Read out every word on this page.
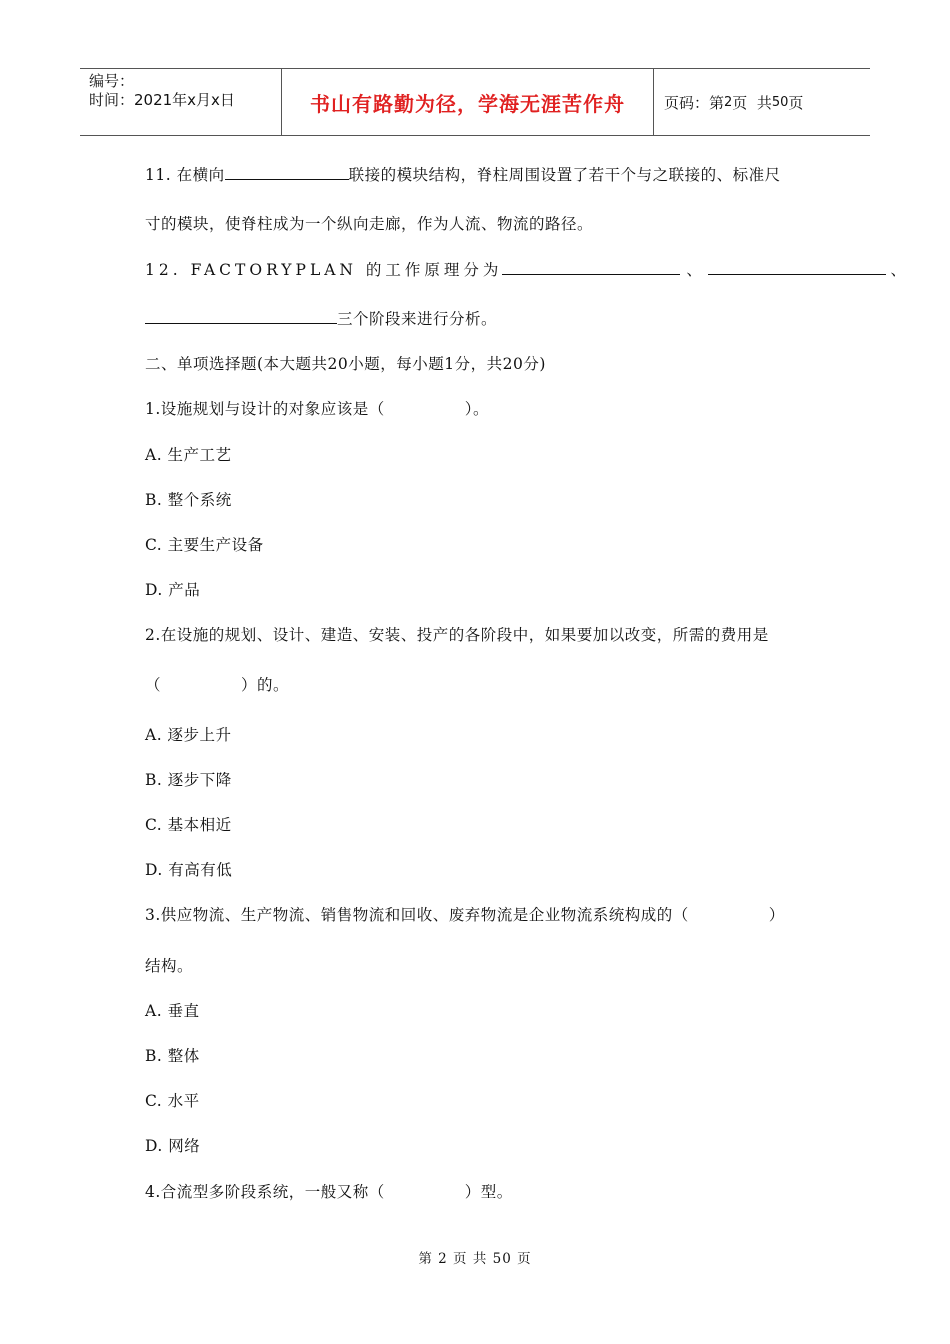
编号：
时间：2021年x月x日	书山有路勤为径，学海无涯苦作舟	页码：第 2 页  共 50 页
11. 在横向	联接的模块结构，脊柱周围设置了若干个与之联接的、标准尺
寸的模块，使脊柱成为一个纵向走廊，作为人流、物流的路径。
12. FACTORYPLAN 的工作原理分为	、	、
三个阶段来进行分析。
二、单项选择题(本大题共20小题，每小题1分，共20分)
1.设施规划与设计的对象应该是（　　　　　）。
A. 生产工艺
B. 整个系统
C. 主要生产设备
D. 产品
2.在设施的规划、设计、建造、安装、投产的各阶段中，如果要加以改变，所需的费用是
（　　　　　）的。
A. 逐步上升
B. 逐步下降
C. 基本相近
D. 有高有低
3.供应物流、生产物流、销售物流和回收、废弃物流是企业物流系统构成的（　　　　　）
结构。
A. 垂直
B. 整体
C. 水平
D. 网络
4.合流型多阶段系统，一般又称（　　　　　）型。
第 2 页 共 50 页
